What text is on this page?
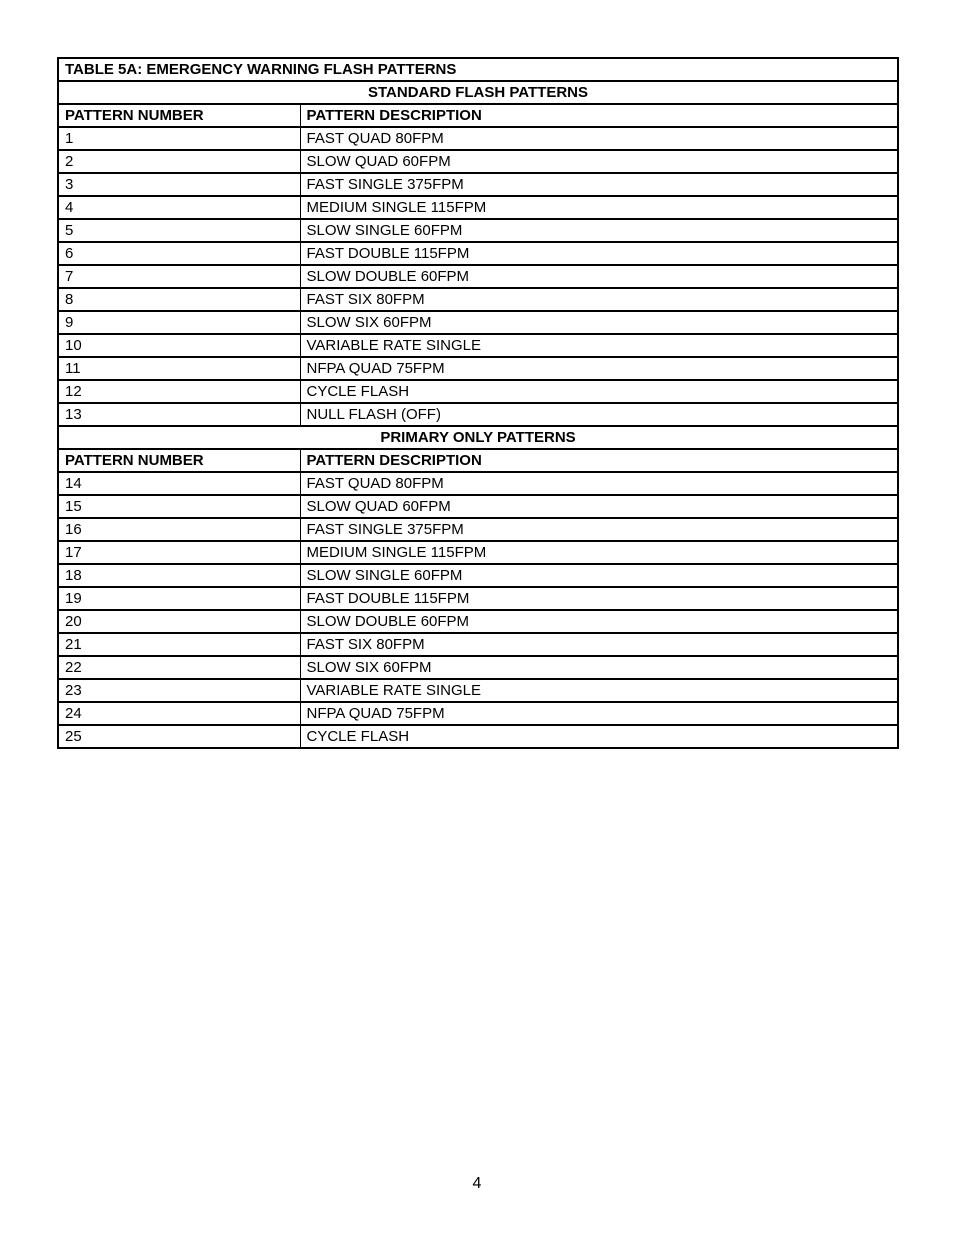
TABLE 5A: EMERGENCY WARNING FLASH PATTERNS	
STANDARD FLASH PATTERNS	
PATTERN NUMBER	PATTERN DESCRIPTION
1	FAST QUAD 80FPM
2	SLOW QUAD 60FPM
3	FAST SINGLE 375FPM
4	MEDIUM SINGLE 115FPM
5	SLOW SINGLE 60FPM
6	FAST DOUBLE 115FPM
7	SLOW DOUBLE 60FPM
8	FAST SIX 80FPM
9	SLOW SIX 60FPM
10	VARIABLE RATE SINGLE
11	NFPA QUAD 75FPM
12	CYCLE FLASH
13	NULL FLASH (OFF)
PRIMARY ONLY PATTERNS	
PATTERN NUMBER	PATTERN DESCRIPTION
14	FAST QUAD 80FPM
15	SLOW QUAD 60FPM
16	FAST SINGLE 375FPM
17	MEDIUM SINGLE 115FPM
18	SLOW SINGLE 60FPM
19	FAST DOUBLE 115FPM
20	SLOW DOUBLE 60FPM
21	FAST SIX 80FPM
22	SLOW SIX 60FPM
23	VARIABLE RATE SINGLE
24	NFPA QUAD 75FPM
25	CYCLE FLASH
4
